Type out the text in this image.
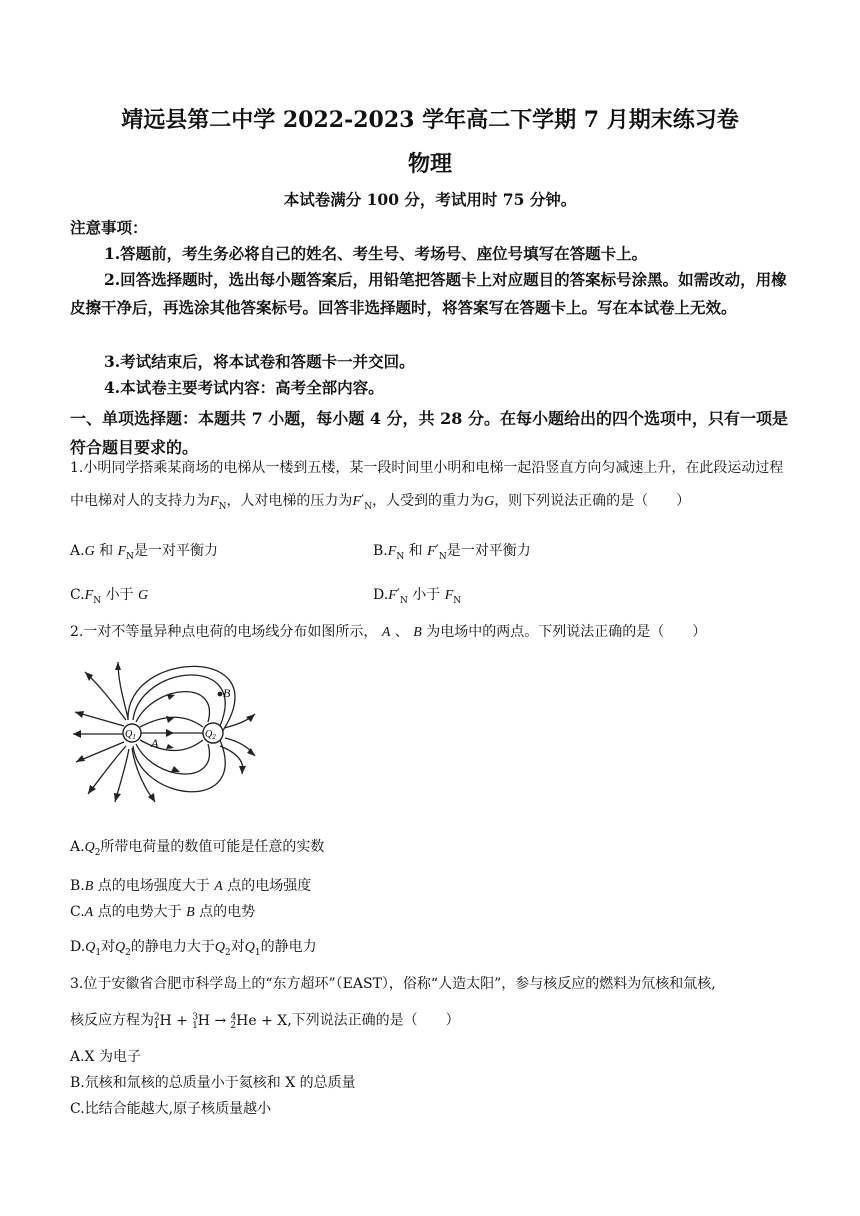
靖远县第二中学 2022-2023 学年高二下学期 7 月期末练习卷
物理
本试卷满分 100 分，考试用时 75 分钟。
注意事项：
1.答题前，考生务必将自己的姓名、考生号、考场号、座位号填写在答题卡上。
2.回答选择题时，选出每小题答案后，用铅笔把答题卡上对应题目的答案标号涂黑。如需改动，用橡皮擦干净后，再选涂其他答案标号。回答非选择题时，将答案写在答题卡上。写在本试卷上无效。
3.考试结束后，将本试卷和答题卡一并交回。
4.本试卷主要考试内容：高考全部内容。
一、单项选择题：本题共 7 小题，每小题 4 分，共 28 分。在每小题给出的四个选项中，只有一项是符合题目要求的。
1.小明同学搭乘某商场的电梯从一楼到五楼，某一段时间里小明和电梯一起沿竖直方向匀减速上升，在此段运动过程中电梯对人的支持力为$F_N$，人对电梯的压力为$F'_N$，人受到的重力为G，则下列说法正确的是（　　）
A.G 和 $F_N$是一对平衡力	$B.F_N$ 和 $F'_N$是一对平衡力
$C.F_N$ 小于 G	$D.F'_N$ 小于 $F_N$
2.一对不等量异种点电荷的电场线分布如图所示， A 、 B 为电场中的两点。下列说法正确的是（　　）
$Q_1$	$Q_2$
A
B
$A.Q_2$所带电荷量的数值可能是任意的实数
B.B 点的电场强度大于 A 点的电场强度
C.A 点的电势大于 B 点的电势
$D.Q_1$对$Q_2$的静电力大于$Q_2$对$Q_1$的静电力
3.位于安徽省合肥市科学岛上的“东方超环”（EAST），俗称“人造太阳”，参与核反应的燃料为氘核和氚核,
核反应方程为$^2_1$H + $^3_1$H → $^4_2$He + X,下列说法正确的是（　　）
A.X 为电子
B.氘核和氚核的总质量小于氦核和 X 的总质量
C.比结合能越大,原子核质量越小
